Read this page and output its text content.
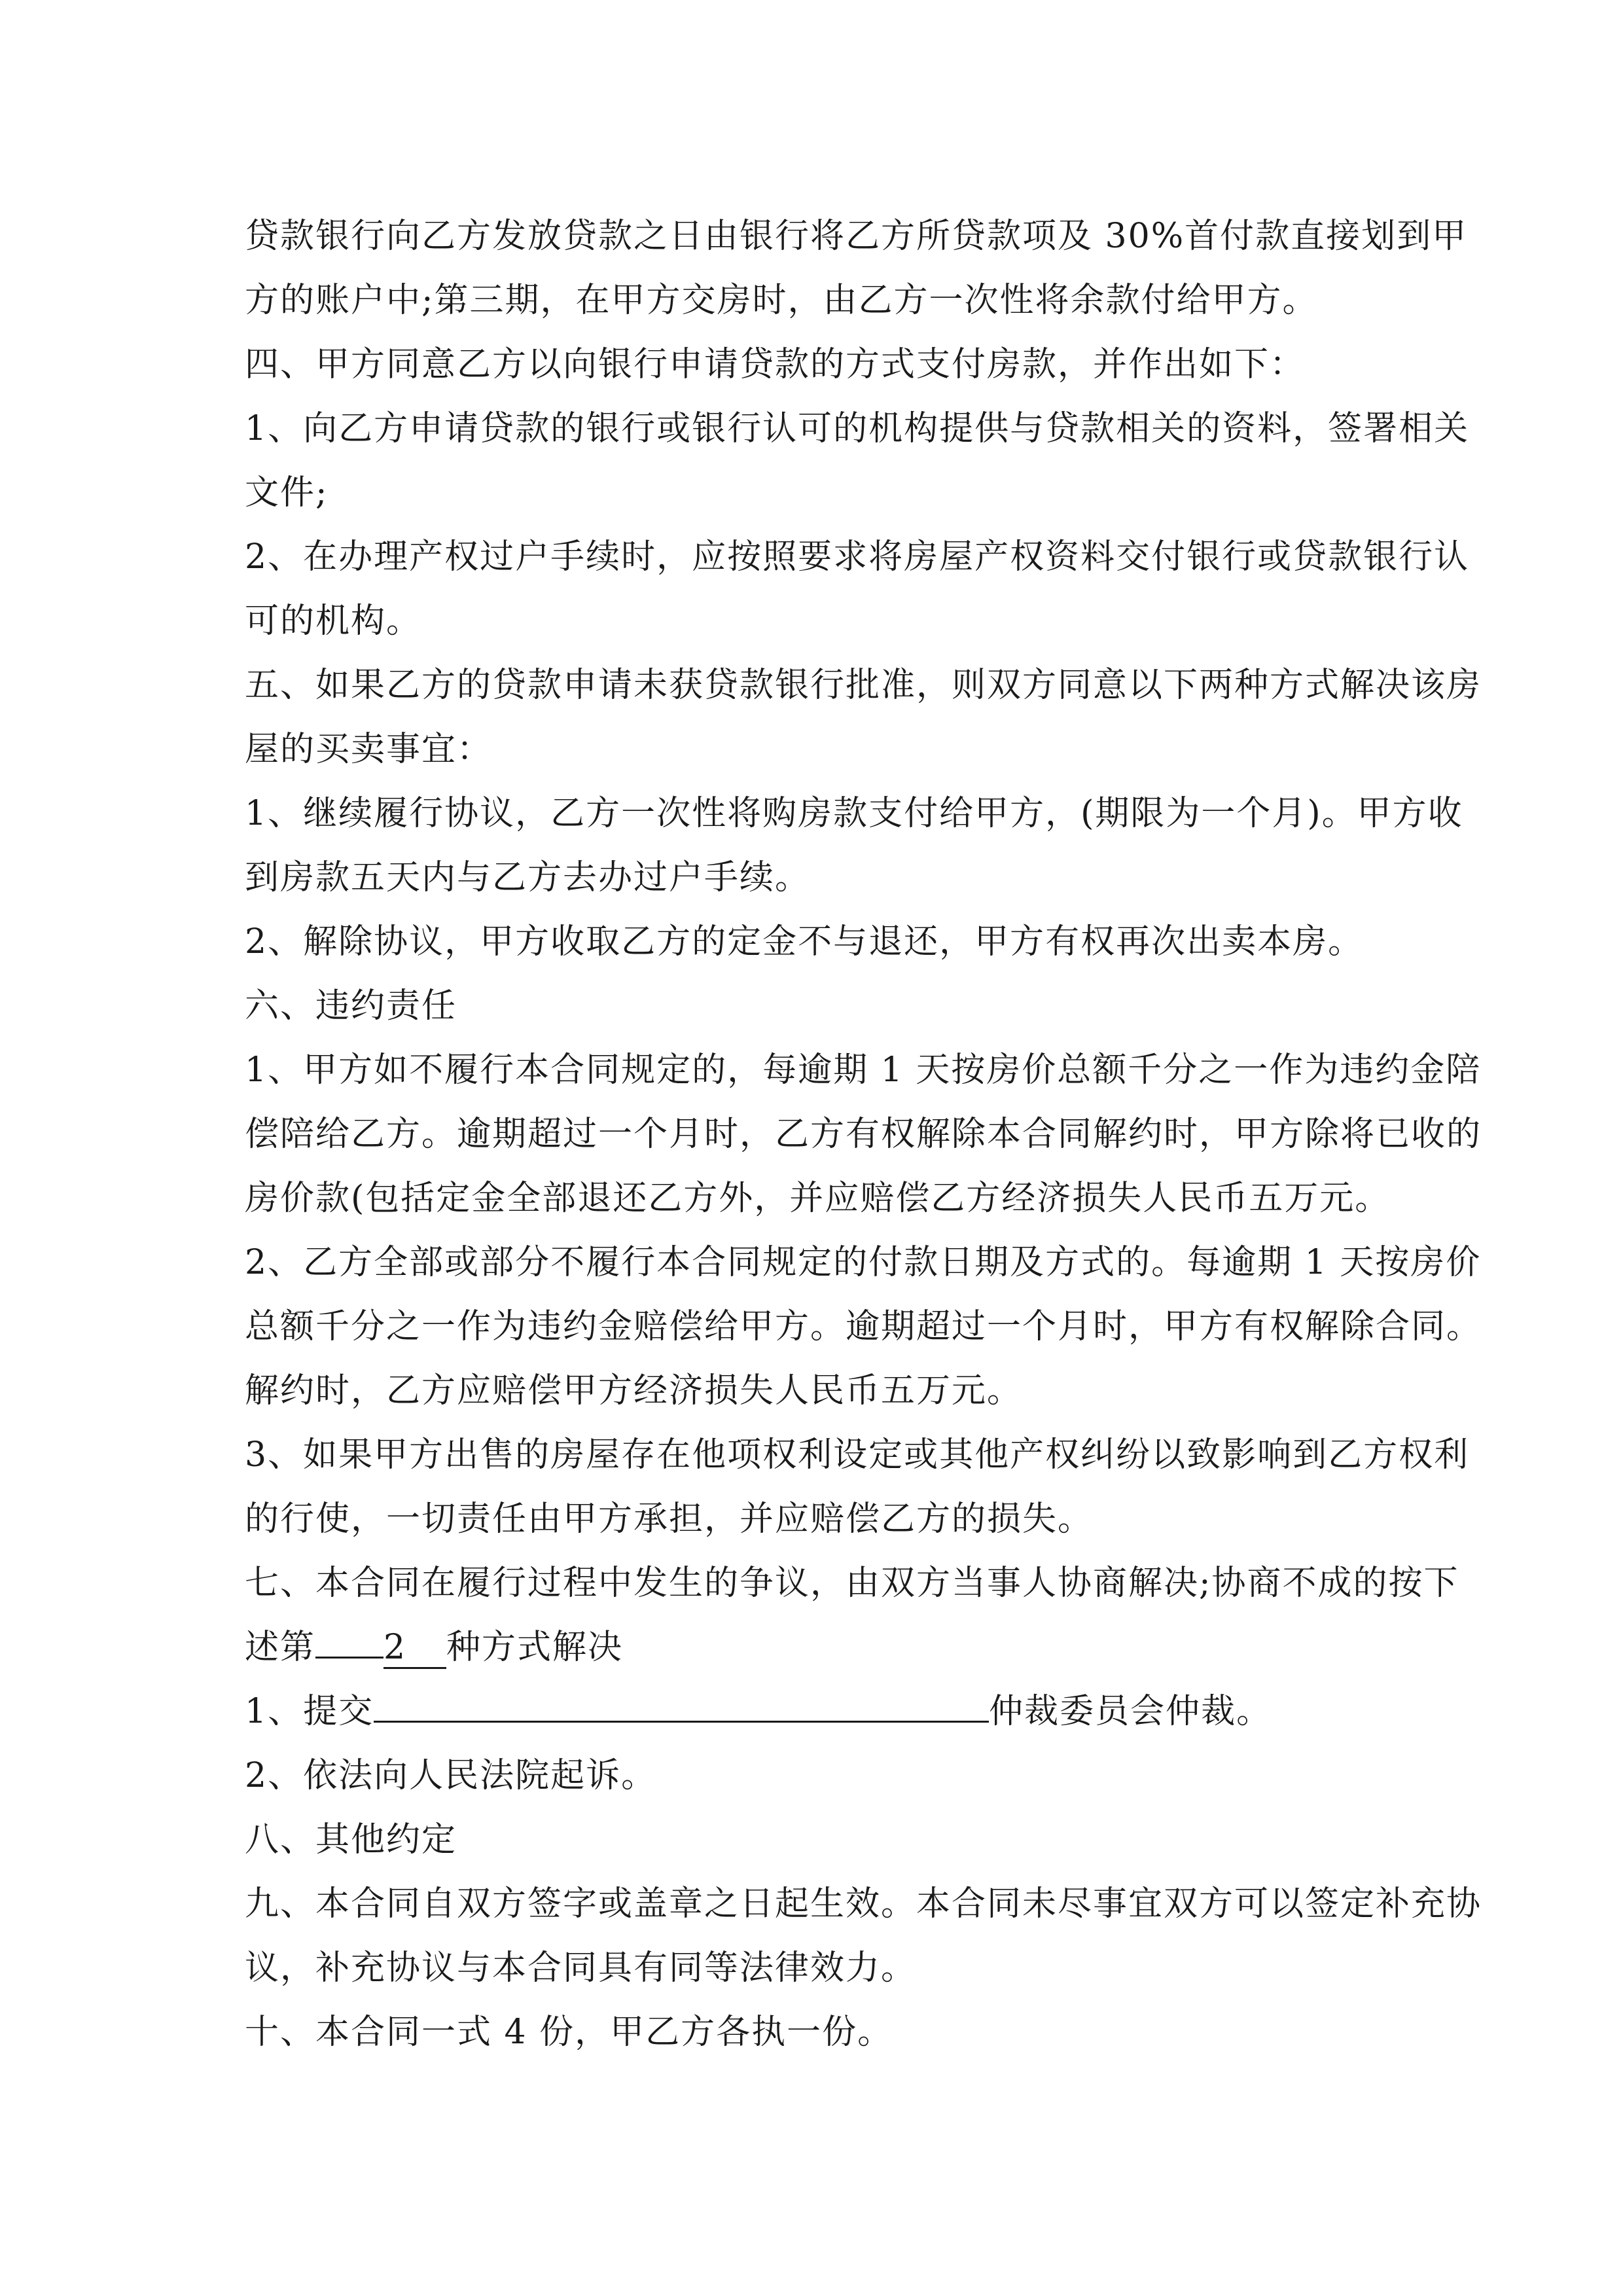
贷款银行向乙方发放贷款之日由银行将乙方所贷款项及 30%首付款直接划到甲
方的账户中;第三期，在甲方交房时，由乙方一次性将余款付给甲方。
四、甲方同意乙方以向银行申请贷款的方式支付房款，并作出如下：
1、向乙方申请贷款的银行或银行认可的机构提供与贷款相关的资料，签署相关
文件;
2、在办理产权过户手续时，应按照要求将房屋产权资料交付银行或贷款银行认
可的机构。
五、如果乙方的贷款申请未获贷款银行批准，则双方同意以下两种方式解决该房
屋的买卖事宜：
1、继续履行协议，乙方一次性将购房款支付给甲方，(期限为一个月)。甲方收
到房款五天内与乙方去办过户手续。
2、解除协议，甲方收取乙方的定金不与退还，甲方有权再次出卖本房。
六、违约责任
1、甲方如不履行本合同规定的，每逾期 1 天按房价总额千分之一作为违约金陪
偿陪给乙方。逾期超过一个月时，乙方有权解除本合同解约时，甲方除将已收的
房价款(包括定金全部退还乙方外，并应赔偿乙方经济损失人民币五万元。
2、乙方全部或部分不履行本合同规定的付款日期及方式的。每逾期 1 天按房价
总额千分之一作为违约金赔偿给甲方。逾期超过一个月时，甲方有权解除合同。
解约时，乙方应赔偿甲方经济损失人民币五万元。
3、如果甲方出售的房屋存在他项权利设定或其他产权纠纷以致影响到乙方权利
的行使，一切责任由甲方承担，并应赔偿乙方的损失。
七、本合同在履行过程中发生的争议，由双方当事人协商解决;协商不成的按下
述第 2 种方式解决
1、提交	仲裁委员会仲裁。
2、依法向人民法院起诉。
八、其他约定
九、本合同自双方签字或盖章之日起生效。本合同未尽事宜双方可以签定补充协
议，补充协议与本合同具有同等法律效力。
十、本合同一式 4 份，甲乙方各执一份。
